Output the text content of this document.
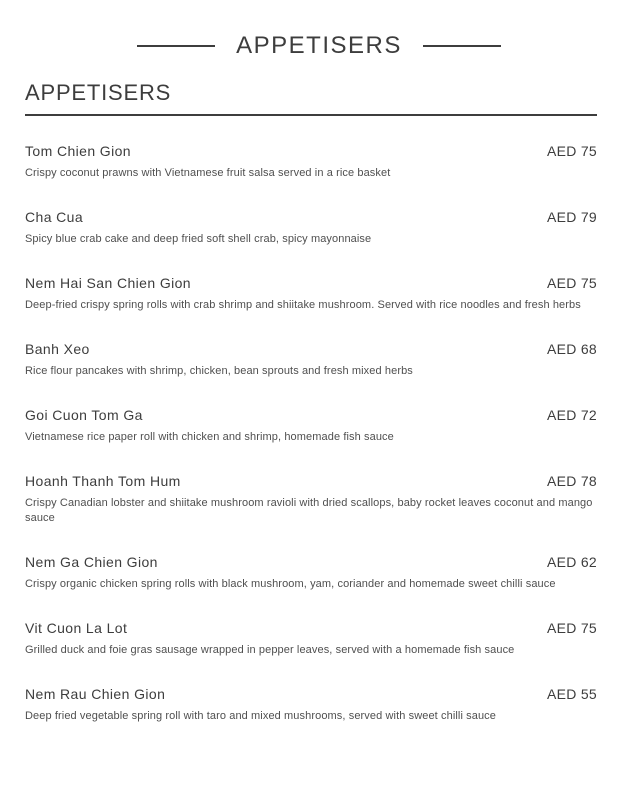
APPETISERS
APPETISERS
Tom Chien Gion	AED 75
Crispy coconut prawns with Vietnamese fruit salsa served in a rice basket
Cha Cua	AED 79
Spicy blue crab cake and deep fried soft shell crab, spicy mayonnaise
Nem Hai San Chien Gion	AED 75
Deep-fried crispy spring rolls with crab shrimp and shiitake mushroom. Served with rice noodles and fresh herbs
Banh Xeo	AED 68
Rice flour pancakes with shrimp, chicken, bean sprouts and fresh mixed herbs
Goi Cuon Tom Ga	AED 72
Vietnamese rice paper roll with chicken and shrimp, homemade fish sauce
Hoanh Thanh Tom Hum	AED 78
Crispy Canadian lobster and shiitake mushroom ravioli with dried scallops, baby rocket leaves coconut and mango sauce
Nem Ga Chien Gion	AED 62
Crispy organic chicken spring rolls with black mushroom, yam, coriander and homemade sweet chilli sauce
Vit Cuon La Lot	AED 75
Grilled duck and foie gras sausage wrapped in pepper leaves, served with a homemade fish sauce
Nem Rau Chien Gion	AED 55
Deep fried vegetable spring roll with taro and mixed mushrooms, served with sweet chilli sauce
